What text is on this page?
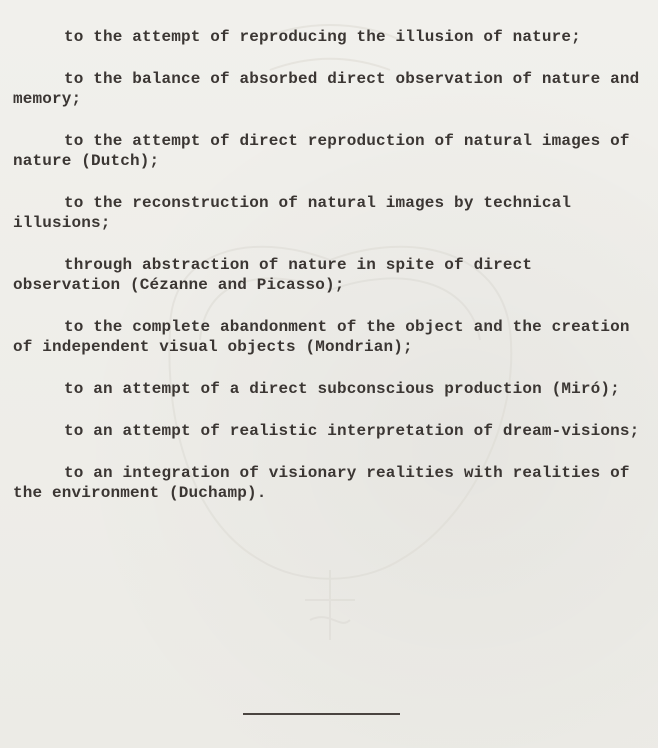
to the attempt of reproducing the illusion of nature;

to the balance of absorbed direct observation of nature and memory;

to the attempt of direct reproduction of natural images of nature (Dutch);

to the reconstruction of natural images by technical illusions;

through abstraction of nature in spite of direct observation (Cézanne and Picasso);

to the complete abandonment of the object and the creation of independent visual objects (Mondrian);

to an attempt of a direct subconscious production (Miró);

to an attempt of realistic interpretation of dream-visions;

to an integration of visionary realities with realities of the environment (Duchamp).
